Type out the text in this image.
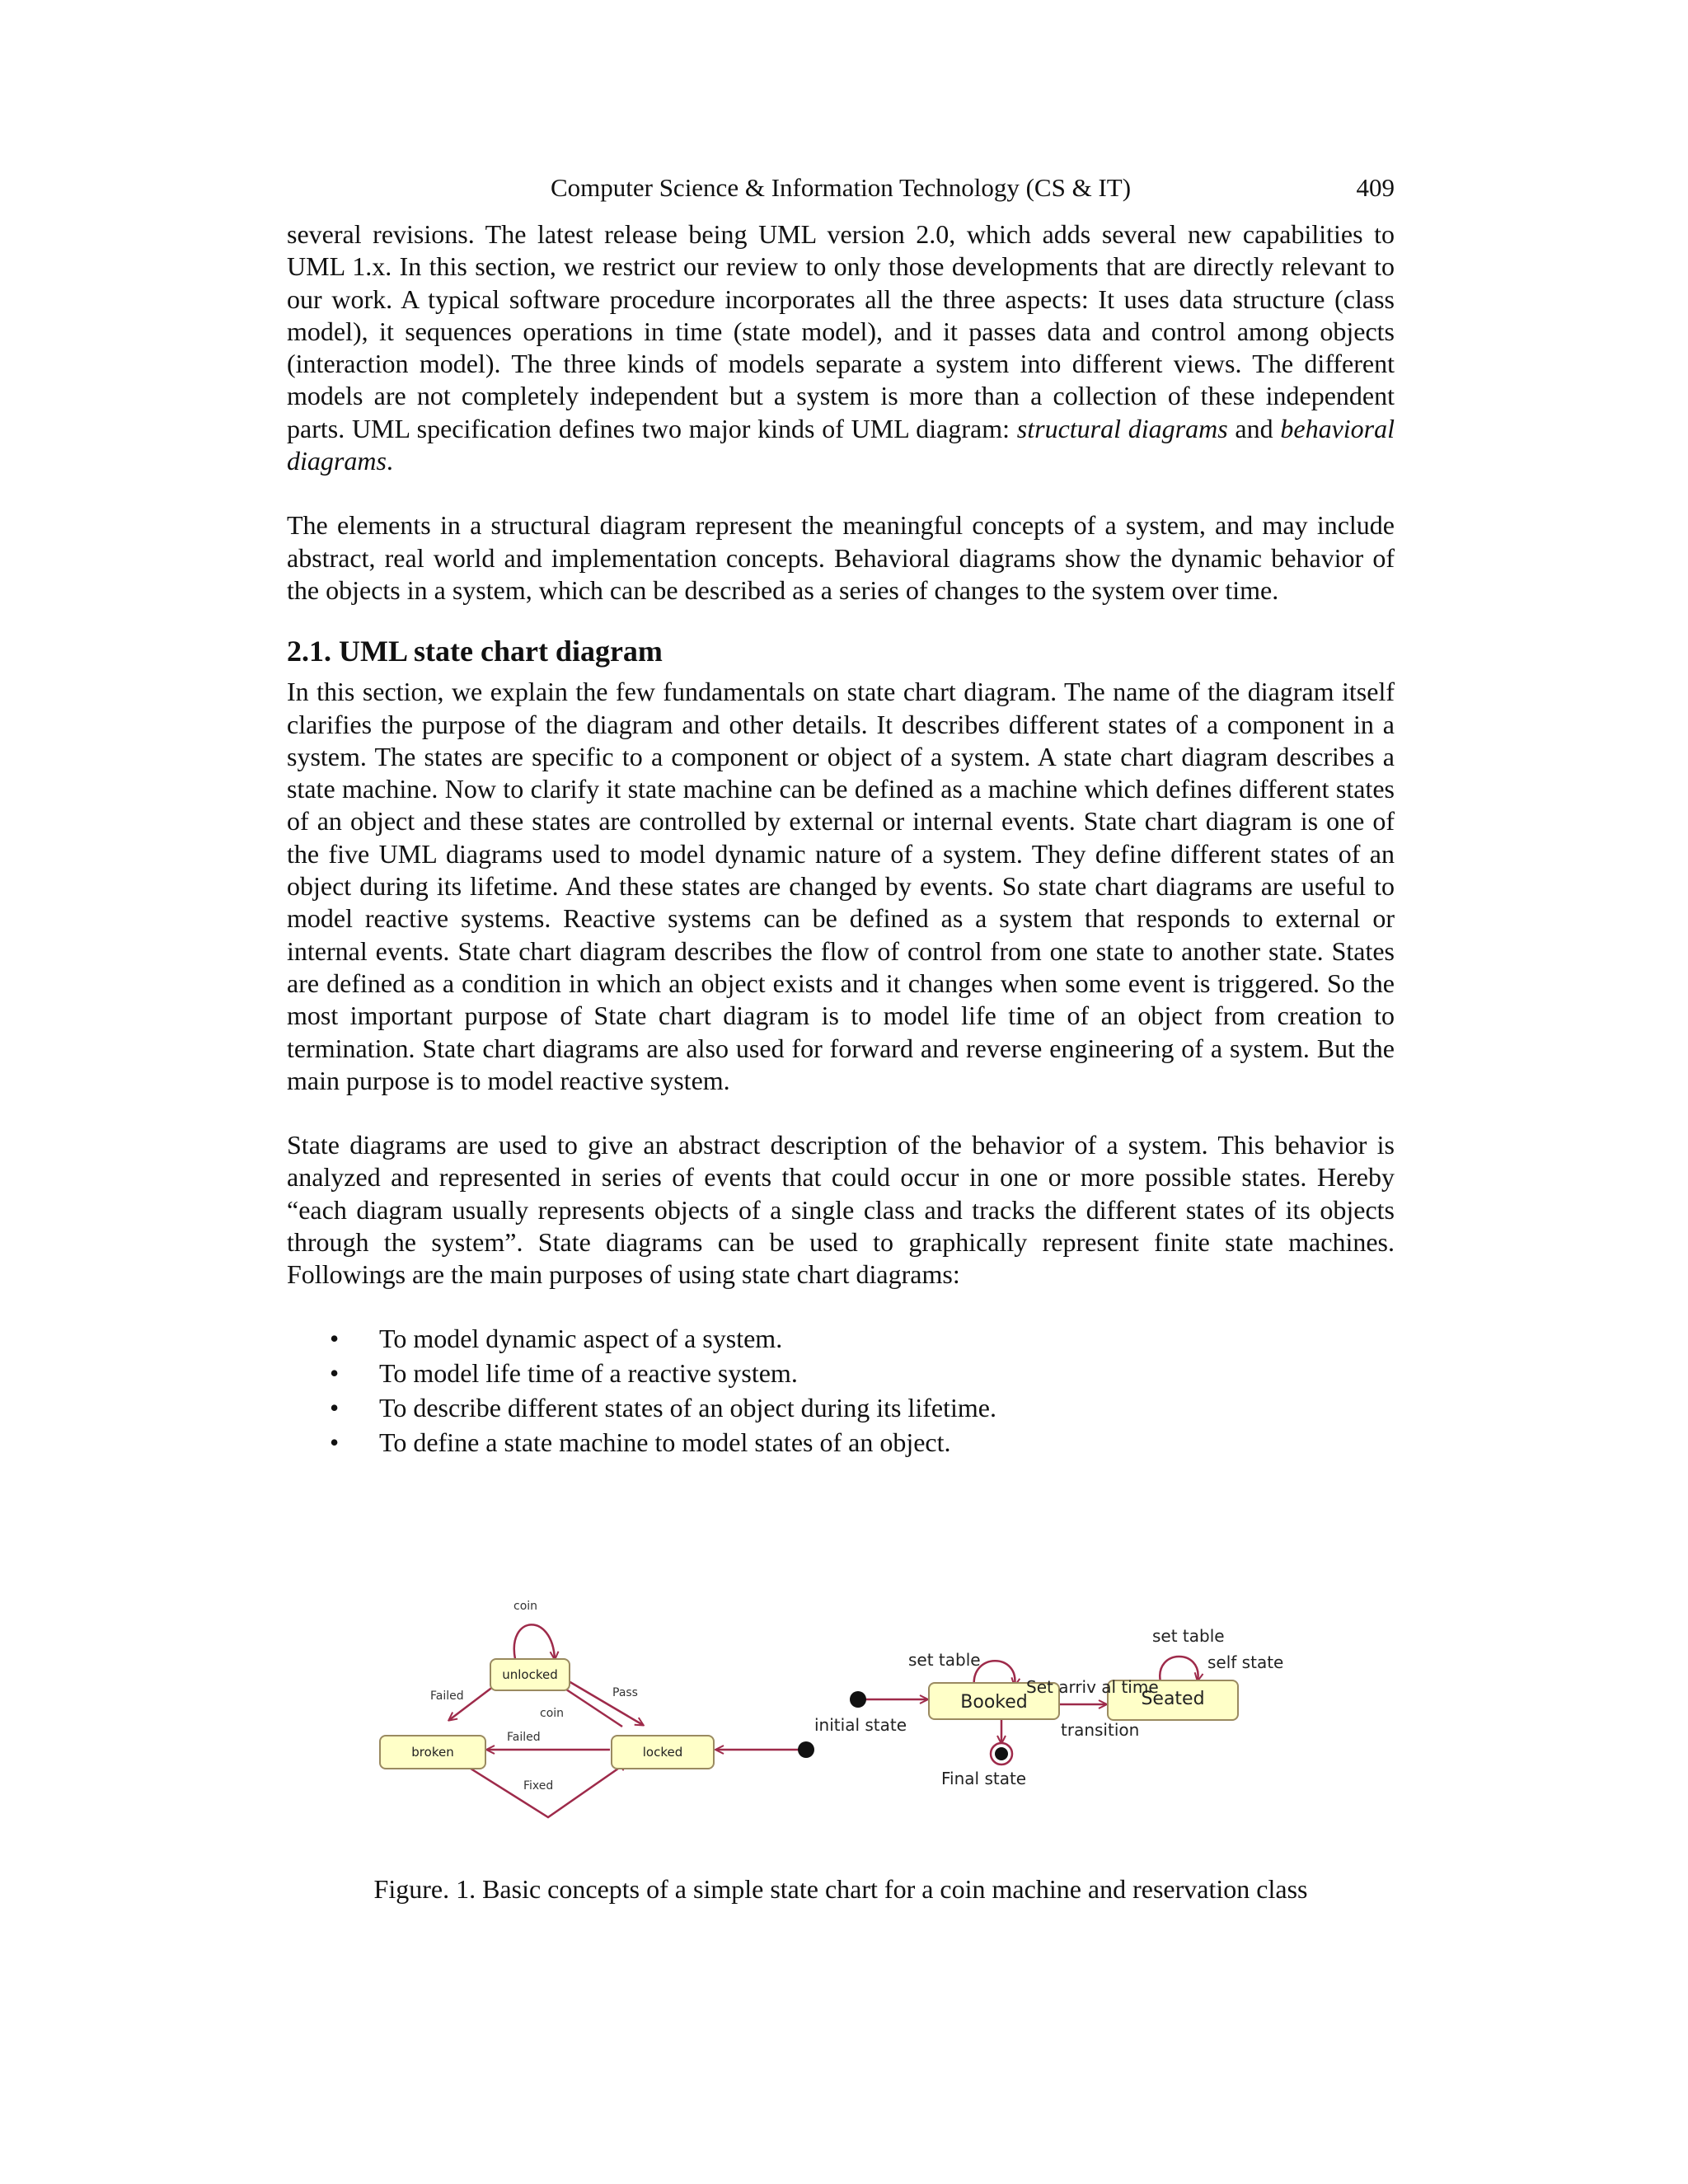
Computer Science & Information Technology (CS & IT)	409

several revisions. The latest release being UML version 2.0, which adds several new capabilities to UML 1.x. In this section, we restrict our review to only those developments that are directly relevant to our work. A typical software procedure incorporates all the three aspects: It uses data structure (class model), it sequences operations in time (state model), and it passes data and control among objects (interaction model). The three kinds of models separate a system into different views. The different models are not completely independent but a system is more than a collection of these independent parts. UML specification defines two major kinds of UML diagram: structural diagrams and behavioral diagrams.

The elements in a structural diagram represent the meaningful concepts of a system, and may include abstract, real world and implementation concepts. Behavioral diagrams show the dynamic behavior of the objects in a system, which can be described as a series of changes to the system over time.

2.1. UML state chart diagram

In this section, we explain the few fundamentals on state chart diagram. The name of the diagram itself clarifies the purpose of the diagram and other details. It describes different states of a component in a system. The states are specific to a component or object of a system. A state chart diagram describes a state machine. Now to clarify it state machine can be defined as a machine which defines different states of an object and these states are controlled by external or internal events. State chart diagram is one of the five UML diagrams used to model dynamic nature of a system. They define different states of an object during its lifetime. And these states are changed by events. So state chart diagrams are useful to model reactive systems. Reactive systems can be defined as a system that responds to external or internal events. State chart diagram describes the flow of control from one state to another state. States are defined as a condition in which an object exists and it changes when some event is triggered. So the most important purpose of State chart diagram is to model life time of an object from creation to termination. State chart diagrams are also used for forward and reverse engineering of a system. But the main purpose is to model reactive system.

State diagrams are used to give an abstract description of the behavior of a system. This behavior is analyzed and represented in series of events that could occur in one or more possible states. Hereby “each diagram usually represents objects of a single class and tracks the different states of its objects through the system”. State diagrams can be used to graphically represent finite state machines. Followings are the main purposes of using state chart diagrams:

• To model dynamic aspect of a system.
• To model life time of a reactive system.
• To describe different states of an object during its lifetime.
• To define a state machine to model states of an object.
unlocked
locked
broken
coin
Failed	Pass
coin
Failed
Fixed
Booked	Seated
set table
Set arriv al time
set table
self state
initial state	transition
Final state
Figure. 1. Basic concepts of a simple state chart for a coin machine and reservation class
